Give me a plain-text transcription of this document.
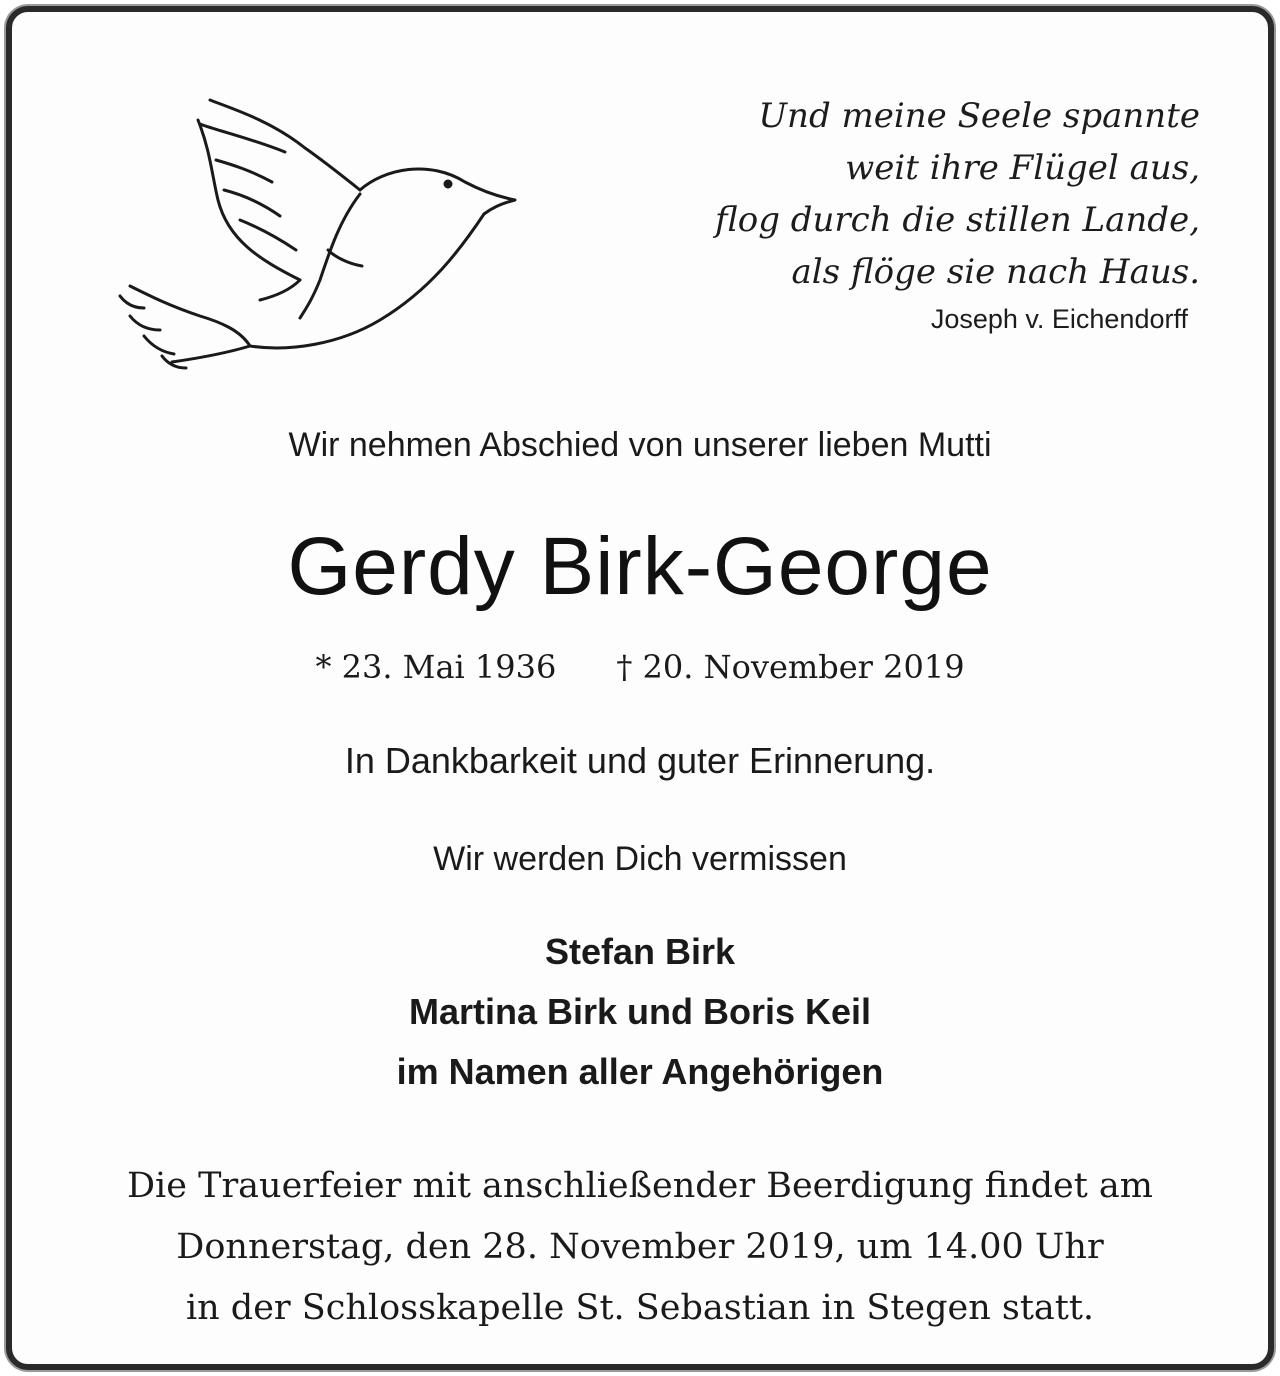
Und meine Seele spannte
weit ihre Flügel aus,
flog durch die stillen Lande,
als flöge sie nach Haus.
Joseph v. Eichendorff
Wir nehmen Abschied von unserer lieben Mutti
Gerdy Birk-George
* 23. Mai 1936 † 20. November 2019
In Dankbarkeit und guter Erinnerung.
Wir werden Dich vermissen
Stefan Birk
Martina Birk und Boris Keil
im Namen aller Angehörigen
Die Trauerfeier mit anschließender Beerdigung findet am
Donnerstag, den 28. November 2019, um 14.00 Uhr
in der Schlosskapelle St. Sebastian in Stegen statt.
